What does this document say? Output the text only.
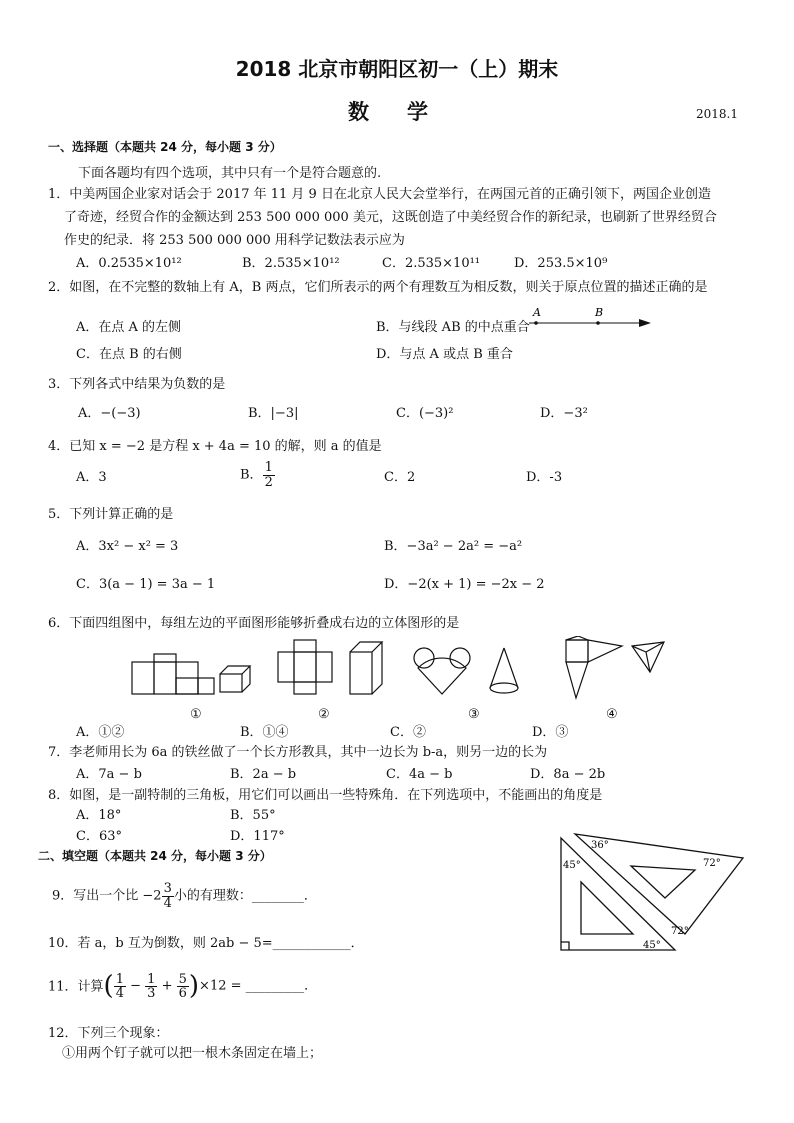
2018 北京市朝阳区初一（上）期末
数学	2018.1
一、选择题（本题共 24 分，每小题 3 分）
下面各题均有四个选项，其中只有一个是符合题意的.
1．中美两国企业家对话会于 2017 年 11 月 9 日在北京人民大会堂举行，在两国元首的正确引领下，两国企业创造
了奇迹，经贸合作的金额达到 253 500 000 000 美元，这既创造了中美经贸合作的新纪录，也刷新了世界经贸合
作史的纪录．将 253 500 000 000 用科学记数法表示应为
A．0.2535×10¹²	B．2.535×10¹²	C．2.535×10¹¹	D．253.5×10⁹
2．如图，在不完整的数轴上有 A，B 两点，它们所表示的两个有理数互为相反数，则关于原点位置的描述正确的是
A．在点 A 的左侧	B．与线段 AB 的中点重合
C．在点 B 的右侧	D．与点 A 或点 B 重合
A	B
3．下列各式中结果为负数的是
A．−(−3)	B．|−3|	C．(−3)²	D．−3²
4．已知 x = −2 是方程 x + 4a = 10 的解，则 a 的值是
A．3	B． $\frac{1}{2}$	C．2	D．-3
5．下列计算正确的是
A．3x² − x² = 3	B．−3a² − 2a² = −a²
C．3(a − 1) = 3a − 1	D．−2(x + 1) = −2x − 2
6．下面四组图中，每组左边的平面图形能够折叠成右边的立体图形的是
①	②	③	④
A．①②	B．①④	C．②	D．③
7．李老师用长为 6a 的铁丝做了一个长方形教具，其中一边长为 b-a，则另一边的长为
A．7a − b	B．2a − b	C．4a − b	D．8a − 2b
8．如图，是一副特制的三角板，用它们可以画出一些特殊角．在下列选项中，不能画出的角度是
A．18°	B．55°
C．63°	D．117°
36°
72°
45°
72°
45°
二、填空题（本题共 24 分，每小题 3 分）
9．写出一个比 $-2 \frac{3}{4}$ 小的有理数：________．
10．若 a，b 互为倒数，则 2ab − 5=____________．
11．计算( $\frac{1}{4} - \frac{1}{3} + \frac{5}{6} )\times 12$ = _________．
12．下列三个现象：
①用两个钉子就可以把一根木条固定在墙上；
